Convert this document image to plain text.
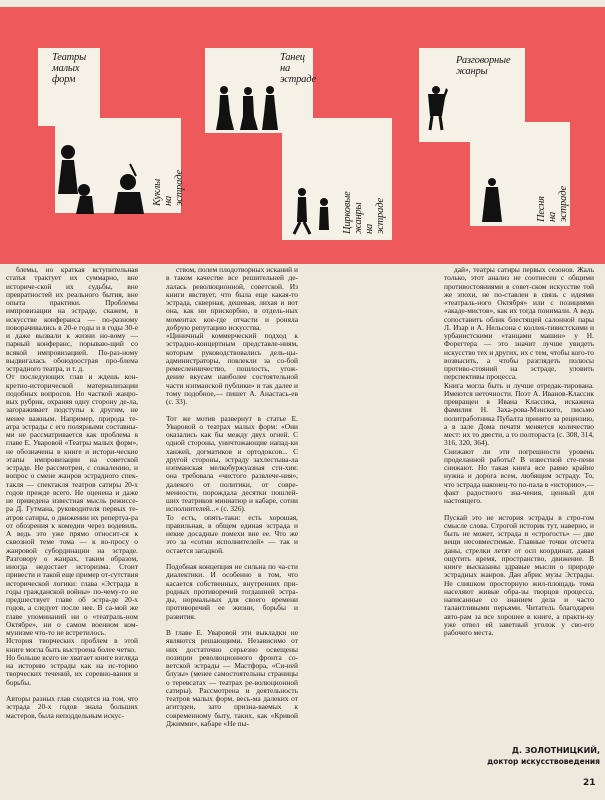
Театры
малых
форм
Куклы
на
эстраде
Танец
на
эстраде
Цирковые
жанры
на
эстраде
Разговорные
жанры
Песня
на
эстраде

блемы, но краткая вступительная статья трактует их суммарно, вне историче-ской их судьбы, вне превратностей их реального бытия, вне опыта практики. Проблемы импровизации на эстраде, скажем, в искусстве конферанса — по-разному поворачивались в 20-е годы и в годы 30-е и даже вызвали к жизни но-вому — парный конферанс, порываю-щий со всякой импровизацией. По-раз-ному выдвигалась обоюдоострая про-блема эстрадного театра, и т. д.
От последующих глав и ждешь кон-кретно-исторической материализации подобных вопросов. Но часткой жанро-вых рубрик, охраняя одну сторону де-ла, загораживает подступы к другим, не менее важным. Например, природа те-атра эстрады с его полярными составны-ми не рассматривается как проблема в главе Е. Уваровой «Театры малых форм», не обозначены в книге и истори-ческие этапы импровизации на советской эстраде. Не рассмотрен, с сожалению, и вопрос о смене жанров эстрадного спек-такля — спектакля театров сатиры 20-х годов прежде всего. Не оценена и даже не приведена известная мысль режиссе-ра Д. Гутмана, руководителя первых те-атров сатиры, о движении их репертуа-ра от обозрения к комедии через водевиль. А ведь это уже прямо относит-ся к сквозной теме тома — к во-просу о жанровой субординации на эстраде. Разговору о жанрах, таким образом, иногда недостает историзма. Стоит привести и такой еще пример от-сутствия исторической логики: глава «Эстрада в годы гражданской войны» по-чему-то не предшествует главе об эстра-де 20-х годов, а следует после нее. В са-мой же главе упоминаний ни о «театраль-ном Октябре», ни о самом военном ком-мунизме что-то не встретилось.
История творческих проблем в этой книге могла быть выстроена более четко.
Но больше всего не хватает книге взгляда на историю эстрады как на ис-торию творческих течений, их соревно-вания и борьбы.

Авторы разных глав сходятся на том, что эстрада 20-х годов знала больших мастеров, была неподдельным искус-

ством, полем плодотворных исканий и в таком качестве все решительней де-лалась революционной, советской. Из книги явствует, что была еще какая-то эстрада, скверная, дешевая, лихая и вот она, как ни прискорбно, в отдель-ных моментах кое-где отчасти и роняла добрую репутацию искусства.
«Циничный коммерческий подход к эстрадно-концертным представле-ниям, которым руководствовались дель-цы-администраторы, повлекли за со-бой ремесленничество, пошлость, угож-дение вкусам наиболее состоятельной части нэпманской публики» и так далее и тому подобное,— пишет А. Анастась-ев (с. 33).

Тот же мотив развернут в статье Е. Уваровой о театрах малых форм: «Они оказались как бы между двух огней. С одной стороны, уничтожающие напад-ки ханжей, догматиков и ортодоксов... С другой стороны, эстраду захлестыва-ла нэпманская мелкобуржуазная сти-хия: она требовала «чистого развлече-ния», далекого от политики, от совре-менности, порождала десятки пошлей-ших театриков миниатюр и кабаре, сотни исполнителей...» (с. 326).
То есть, опять-таки: есть хорошая, правильная, в общем единая эстрада и некие досадные помехи вне ее. Что же это за «сотни исполнителей» — так и остается загадкой.

Подобная концепция не сильна по ча-сти диалектики. И особенно в том, что касается собственных, внутренних при-родных противоречий тогдашней эстра-ды, нормальных для своего времени противоречий ее жизни, борьбы и развития.

В главе Е. Уваровой эти выкладки не являются решающими. Независимо от них достаточно серьезно освещены позиции революционного фронта со-ветской эстрады — Мастфора, «Си-ней блузы» (менее самостоятельны страницы о теревсатах — театрах ре-волюционной сатиры). Рассмотрена и деятельность театров малых форм, весь-ма далеких от агитэдеи, зато призна-ваемых к современному быту, таких, как «Кривой Джимми», кабаре «Не пы-

дай», театры сатиры первых сезонов. Жаль только, этот анализ не соотнесен с общими противостояниями в совет-ском искусстве той же эпохи, не по-ставлен в связь с идеями «театраль-ного Октября» или с позициями «акаде-мистов», как их тогда понимали. А ведь сопоставить облик блестящей салонной пары Л. Изар и А. Нельсона с коллек-тивистскими и урбанистскими «танцами машин» у Н. Форегтера — это значит лучше увидеть искусство тех и других, их с тем, чтобы кого-то возвысить, а чтобы разглядеть полюсы противо-стояний на эстраде, уловить перспективы процесса.
Книга могла быть и лучше отредак-тирована. Имеются неточности. Поэт А. Иванов-Классик превращен в Ивана Классика, искажена фамилия Н. Заха-рова-Мэнского, письмо политработника Пубалта принято за рецензию, а в зале Дома печати меняется количество мест: их то двести, а то полтораста (с. 308, 314, 316, 320, 364).
Снижают ли эти погрешности уровень проделанной работы? В известной сте-пени снижают. Но такая книга все равно крайне нужна и дорога всем, любящим эстраду. То, что эстрада наконец-то по-пала в «историю»,— факт радостного зна-чения, ценный для настоящего.

Пускай это не история эстрады в стро-гом смысле слова. Строгой историк тут, наверно, и быть не может, эстрада и «строгость» — две вещи несовместимые. Главные точки отсчета даны, стрелки летят от осп координат, давая ощутить время, пространство, движение. В книге высказаны здравые мысли о природе эстрадных жанров. Дан абрис музы Эстрады. Не слишком просторную жил-площадь тома населяют живые обра-зы творцов процесса, написанные со знанием дела и часто талантливыми перьями. Читатель благодарен авто-рам за все хорошее в книге, а практи-ку уже отвел ей заветный уголок у сво-его рабочего места.

Д. ЗОЛОТНИЦКИЙ,
доктор искусствоведения
21
